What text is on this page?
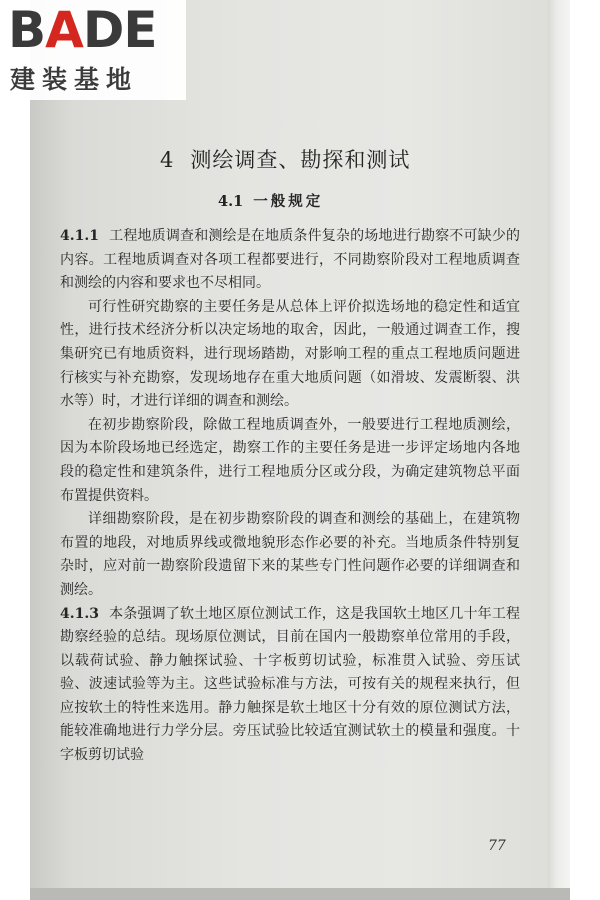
BADE
建装基地
4 测绘调查、勘探和测试
4.1 一般规定

4.1.1 工程地质调查和测绘是在地质条件复杂的场地进行勘察不可缺少的内容。工程地质调查对各项工程都要进行，不同勘察阶段对工程地质调查和测绘的内容和要求也不尽相同。

可行性研究勘察的主要任务是从总体上评价拟选场地的稳定性和适宜性，进行技术经济分析以决定场地的取舍，因此，一般通过调查工作，搜集研究已有地质资料，进行现场踏勘，对影响工程的重点工程地质问题进行核实与补充勘察，发现场地存在重大地质问题（如滑坡、发震断裂、洪水等）时，才进行详细的调查和测绘。

在初步勘察阶段，除做工程地质调查外，一般要进行工程地质测绘，因为本阶段场地已经选定，勘察工作的主要任务是进一步评定场地内各地段的稳定性和建筑条件，进行工程地质分区或分段，为确定建筑物总平面布置提供资料。

详细勘察阶段，是在初步勘察阶段的调查和测绘的基础上，在建筑物布置的地段，对地质界线或微地貌形态作必要的补充。当地质条件特别复杂时，应对前一勘察阶段遗留下来的某些专门性问题作必要的详细调查和测绘。

4.1.3 本条强调了软土地区原位测试工作，这是我国软土地区几十年工程勘察经验的总结。现场原位测试，目前在国内一般勘察单位常用的手段，以载荷试验、静力触探试验、十字板剪切试验，标准贯入试验、旁压试验、波速试验等为主。这些试验标准与方法，可按有关的规程来执行，但应按软土的特性来选用。静力触探是软土地区十分有效的原位测试方法，能较准确地进行力学分层。旁压试验比较适宜测试软土的模量和强度。十字板剪切试验

77
